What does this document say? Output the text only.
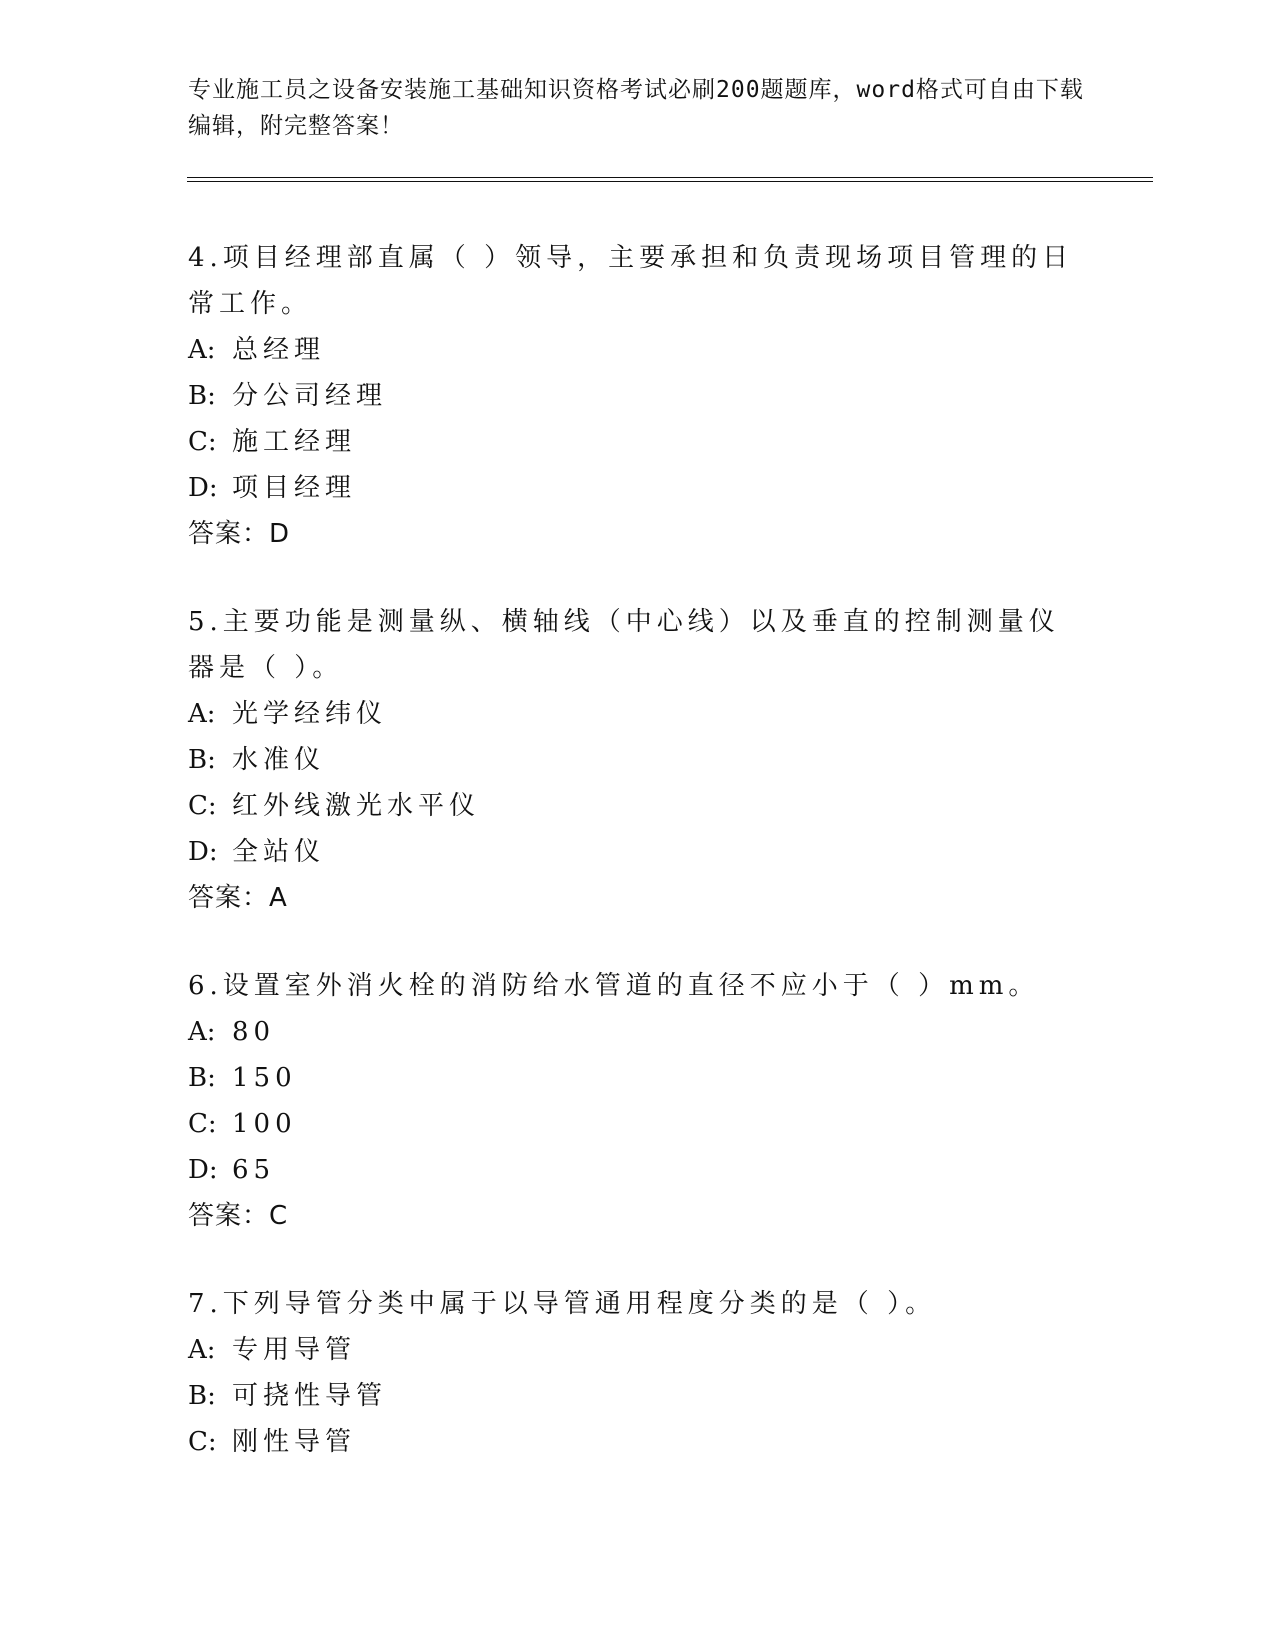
专业施工员之设备安装施工基础知识资格考试必刷200题题库，word格式可自由下载编辑，附完整答案！
4.项目经理部直属（ ）领导，主要承担和负责现场项目管理的日常工作。
A: 总经理
B: 分公司经理
C: 施工经理
D: 项目经理
答案：D
5.主要功能是测量纵、横轴线（中心线）以及垂直的控制测量仪器是（ ）。
A: 光学经纬仪
B: 水准仪
C: 红外线激光水平仪
D: 全站仪
答案：A
6.设置室外消火栓的消防给水管道的直径不应小于（ ）mm。
A: 80
B: 150
C: 100
D: 65
答案：C
7.下列导管分类中属于以导管通用程度分类的是（ ）。
A: 专用导管
B: 可挠性导管
C: 刚性导管
